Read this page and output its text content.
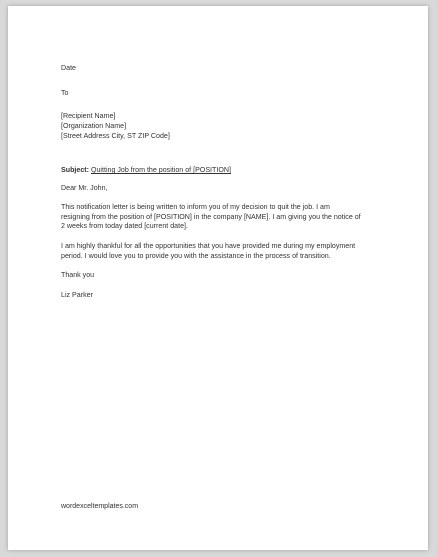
Date
To
[Recipient Name]
[Organization Name]
[Street Address City, ST ZIP Code]
Subject: Quitting Job from the position of [POSITION]
Dear Mr. John,
This notification letter is being written to inform you of my decision to quit the job. I am
resigning from the position of [POSITION] in the company [NAME]. I am giving you the notice of
2 weeks from today dated [current date].
I am highly thankful for all the opportunities that you have provided me during my employment
period. I would love you to provide you with the assistance in the process of transition.
Thank you
Liz Parker
wordexceltemplates.com
